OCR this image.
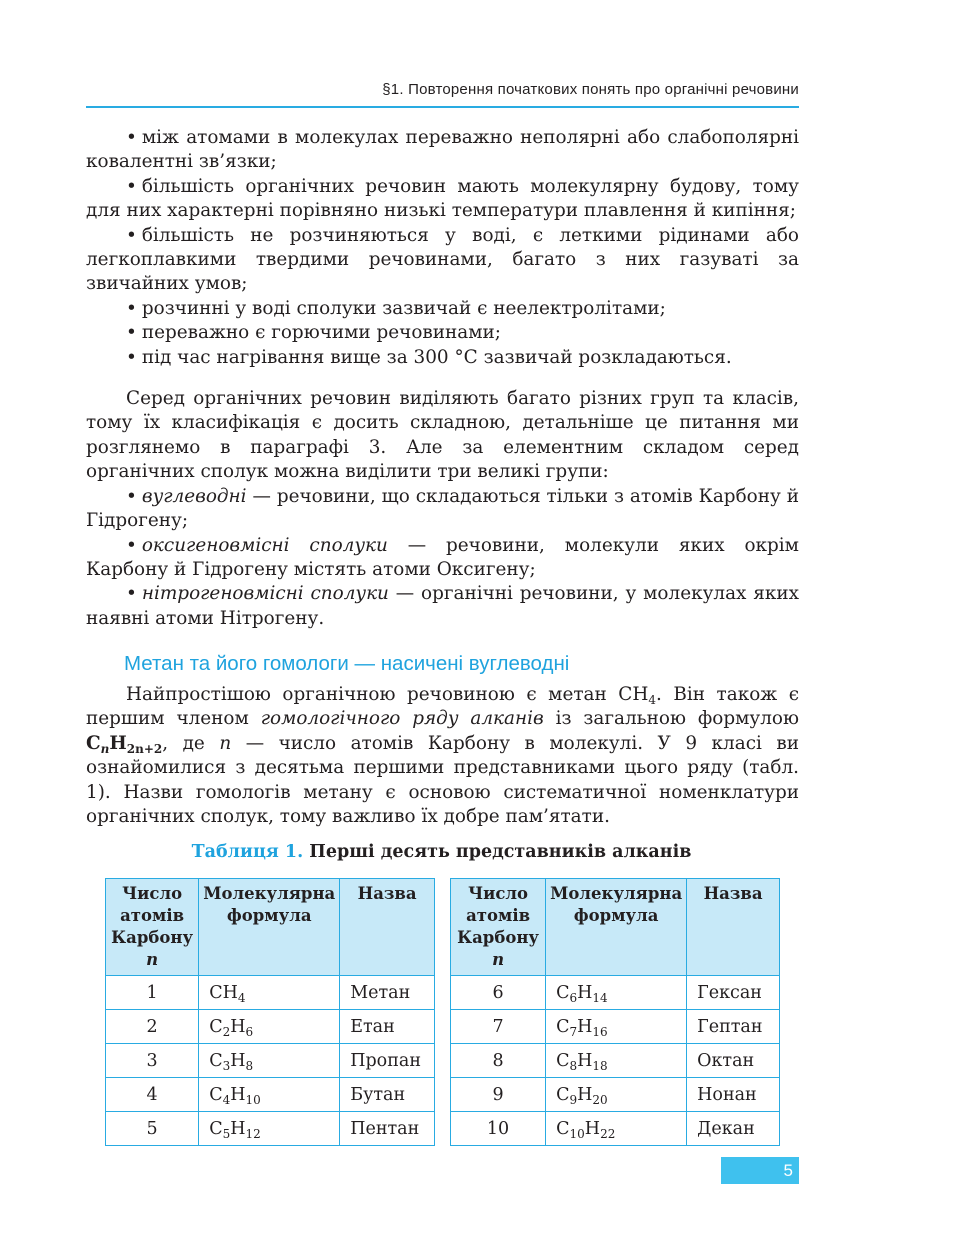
§1. Повторення початкових понять про органічні речовини

• між атомами в молекулах переважно неполярні або слабополярні ковалентні зв’язки;

• більшість органічних речовин мають молекулярну будову, тому для них характерні порівняно низькі температури плавлення й кипіння;

• більшість не розчиняються у воді, є леткими рідинами або легкоплавкими твердими речовинами, багато з них газуваті за звичайних умов;

• розчинні у воді сполуки зазвичай є неелектролітами;

• переважно є горючими речовинами;

• під час нагрівання вище за 300 °C зазвичай розкладаються.

Серед органічних речовин виділяють багато різних груп та класів, тому їх класифікація є досить складною, детальніше це питання ми розглянемо в параграфі 3. Але за елементним складом серед органічних сполук можна виділити три великі групи:

• вуглеводні — речовини, що складаються тільки з атомів Карбону й Гідрогену;

• оксигеновмісні сполуки — речовини, молекули яких окрім Карбону й Гідрогену містять атоми Оксигену;

• нітрогеновмісні сполуки — органічні речовини, у молекулах яких наявні атоми Нітрогену.

Метан та його гомологи — насичені вуглеводні

Найпростішою органічною речовиною є метан $CH_4$. Він також є першим членом гомологічного ряду алканів із загальною формулою $C_nH_{2n+2}$, де n — число атомів Карбону в молекулі. У 9 класі ви ознайомилися з десятьма першими представниками цього ряду (табл. 1). Назви гомологів метану є основою систематичної номенклатури органічних сполук, тому важливо їх добре пам’ятати.

Таблиця 1. Перші десять представників алканів
Число атомів Карбону n	Молекулярна формула	Назва
1	$CH_4$	Метан
2	$C_2H_6$	Етан
3	$C_3H_8$	Пропан
4	$C_4H_{10}$	Бутан
5	$C_5H_{12}$	Пентан
Число атомів Карбону n	Молекулярна формула	Назва
6	$C_6H_{14}$	Гексан
7	$C_7H_{16}$	Гептан
8	$C_8H_{18}$	Октан
9	$C_9H_{20}$	Нонан
10	$C_{10}H_{22}$	Декан
5
